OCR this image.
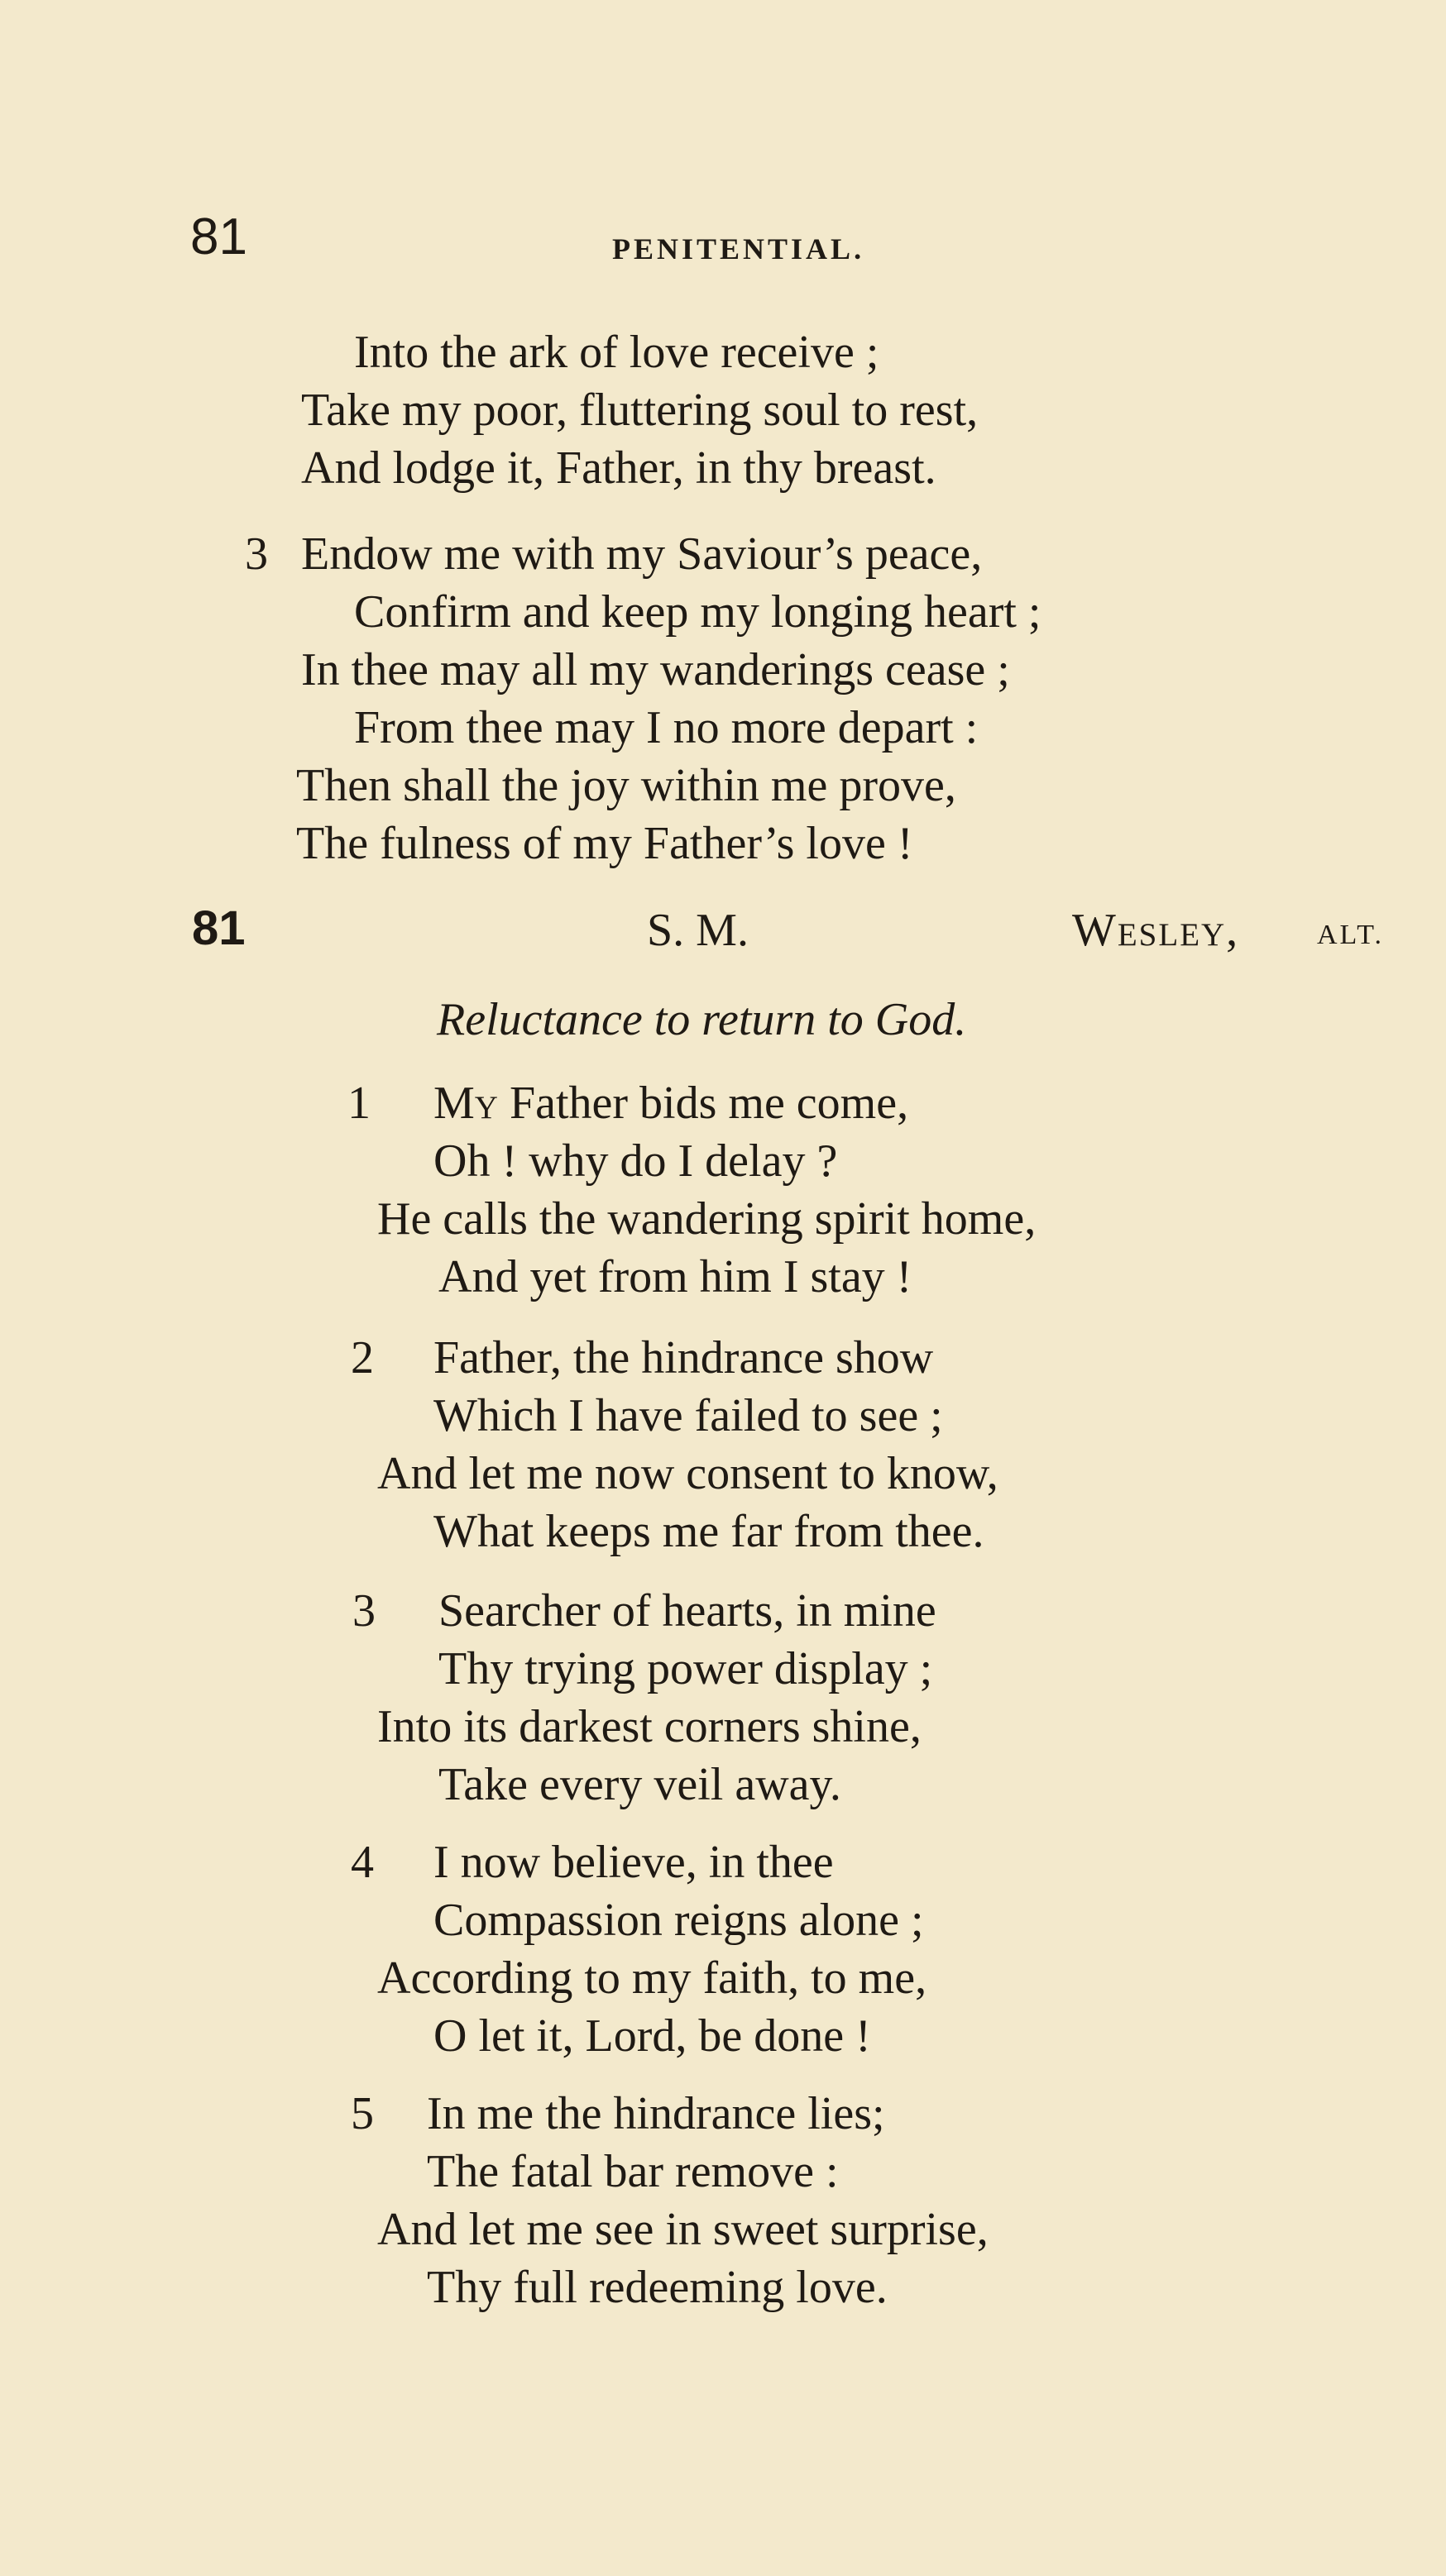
81	PENITENTIAL.
Into the ark of love receive ;
Take my poor, fluttering soul to rest,
And lodge it, Father, in thy breast.
3 Endow me with my Saviour’s peace,
Confirm and keep my longing heart ;
In thee may all my wanderings cease ;
From thee may I no more depart :
Then shall the joy within me prove,
The fulness of my Father’s love !
81	S. M.	Wesley,	ALT.
Reluctance to return to God.
1 My Father bids me come,
Oh ! why do I delay ?
He calls the wandering spirit home,
And yet from him I stay !
2 Father, the hindrance show
Which I have failed to see ;
And let me now consent to know,
What keeps me far from thee.
3 Searcher of hearts, in mine
Thy trying power display ;
Into its darkest corners shine,
Take every veil away.
4 I now believe, in thee
Compassion reigns alone ;
According to my faith, to me,
O let it, Lord, be done !
5 In me the hindrance lies;
The fatal bar remove :
And let me see in sweet surprise,
Thy full redeeming love.
